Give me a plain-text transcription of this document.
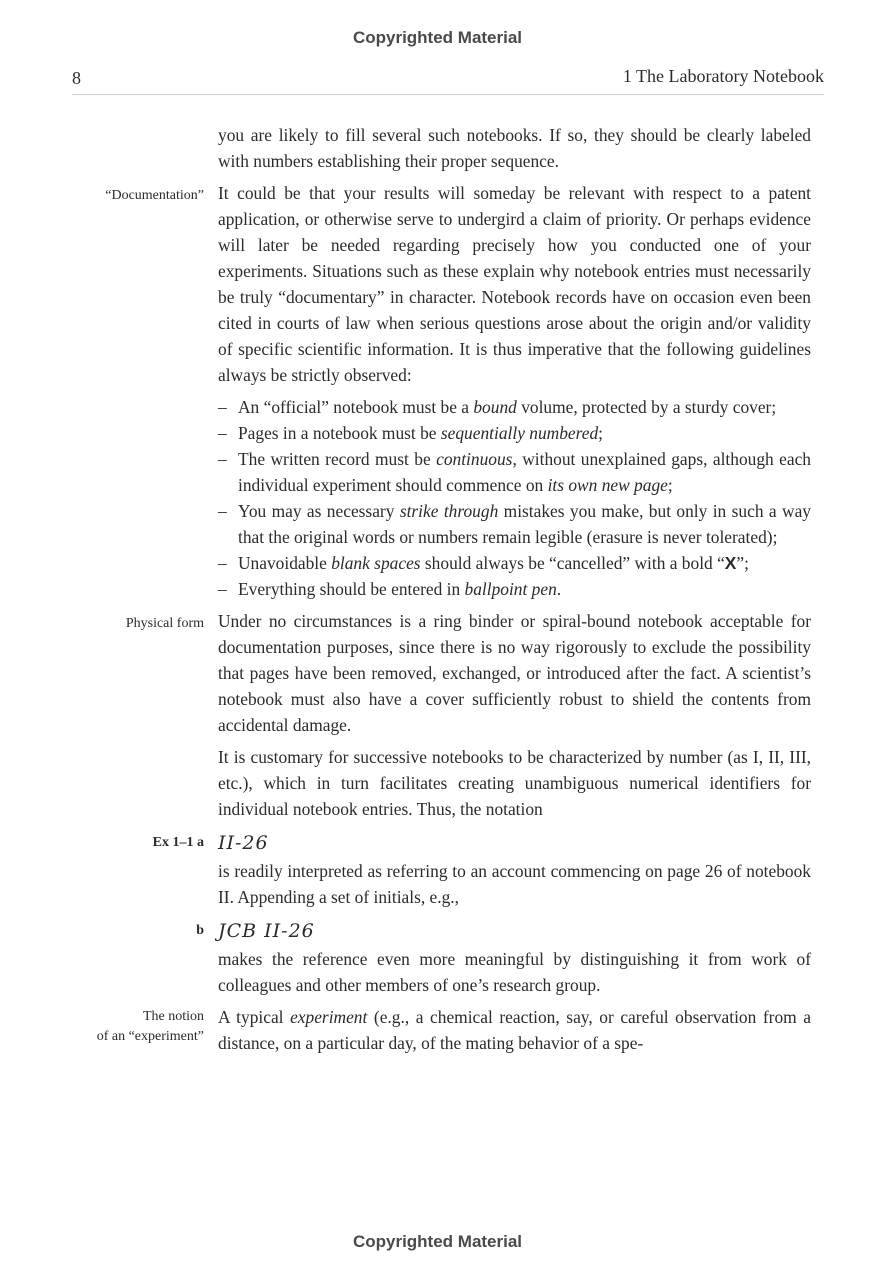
Copyrighted Material
8	1 The Laboratory Notebook

you are likely to fill several such notebooks. If so, they should be clearly labeled with numbers establishing their proper sequence.

“Documentation” It could be that your results will someday be relevant with respect to a patent application, or otherwise serve to undergird a claim of priority. Or perhaps evidence will later be needed regarding precisely how you conducted one of your experiments. Situations such as these explain why notebook entries must necessarily be truly “documentary” in character. Notebook records have on occasion even been cited in courts of law when serious questions arose about the origin and/or validity of specific scientific information. It is thus imperative that the following guidelines always be strictly observed:

– An “official” notebook must be a bound volume, protected by a sturdy cover;
– Pages in a notebook must be sequentially numbered;
– The written record must be continuous, without unexplained gaps, although each individual experiment should commence on its own new page;
– You may as necessary strike through mistakes you make, but only in such a way that the original words or numbers remain legible (erasure is never tolerated);
– Unavoidable blank spaces should always be “cancelled” with a bold “X”;
– Everything should be entered in ballpoint pen.
Physical form Under no circumstances is a ring binder or spiral-bound notebook acceptable for documentation purposes, since there is no way rigorously to exclude the possibility that pages have been removed, exchanged, or introduced after the fact. A scientist’s notebook must also have a cover sufficiently robust to shield the contents from accidental damage.

It is customary for successive notebooks to be characterized by number (as I, II, III, etc.), which in turn facilitates creating unambiguous numerical identifiers for individual notebook entries. Thus, the notation

Ex 1–1 a II-26

is readily interpreted as referring to an account commencing on page 26 of notebook II. Appending a set of initials, e.g.,

b JCB II-26

makes the reference even more meaningful by distinguishing it from work of colleagues and other members of one’s research group.

The notion
of an “experiment”

A typical experiment (e.g., a chemical reaction, say, or careful observation from a distance, on a particular day, of the mating behavior of a spe-

Copyrighted Material
